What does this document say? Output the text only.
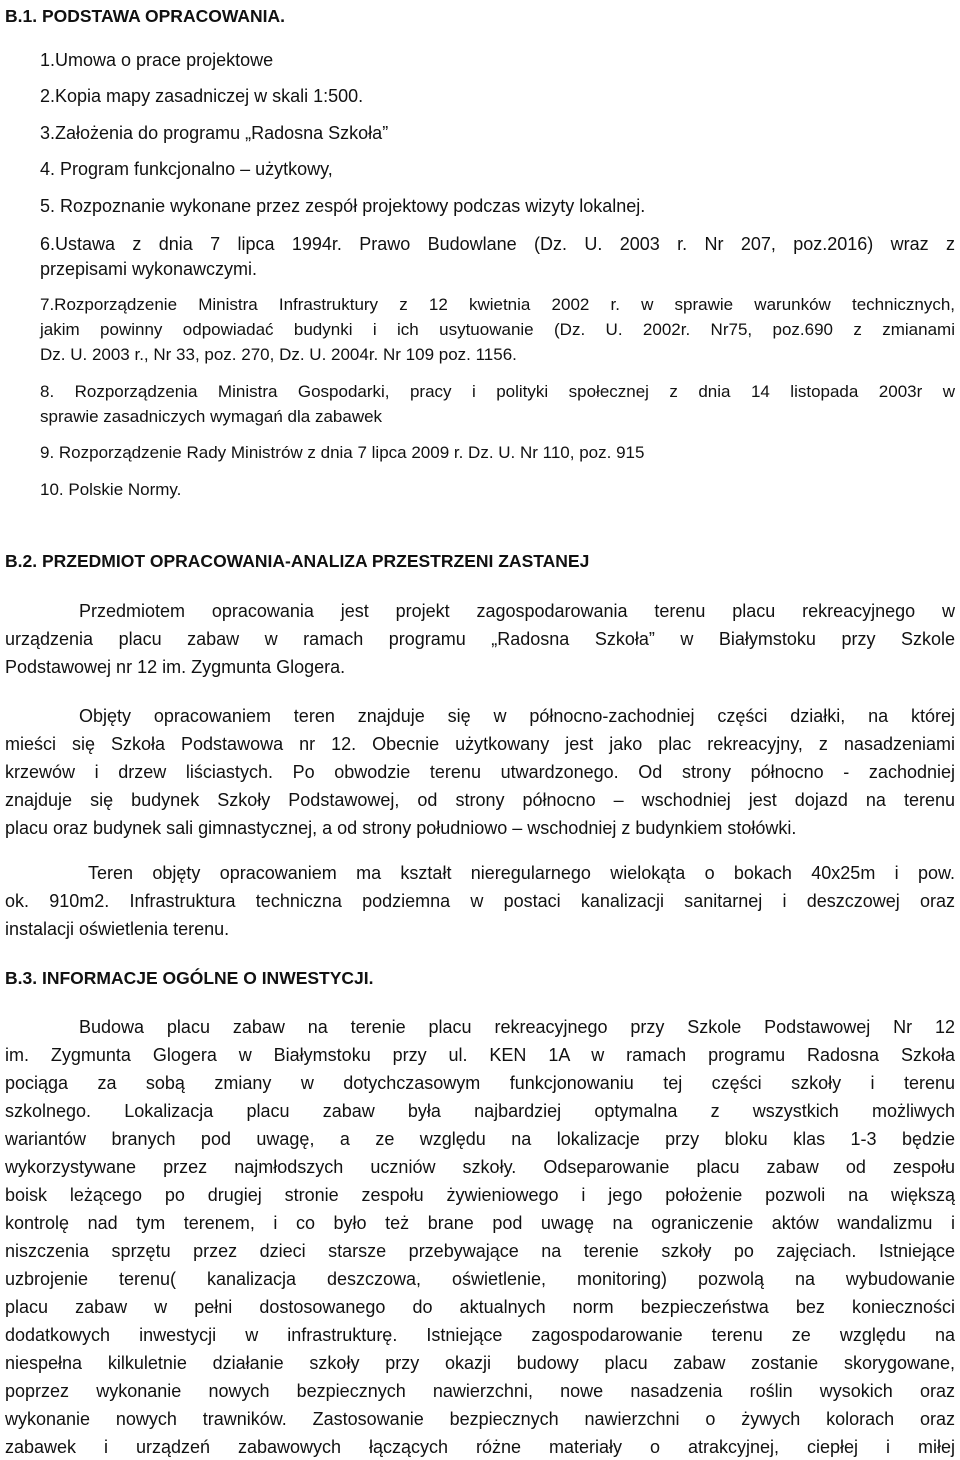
B.1. PODSTAWA OPRACOWANIA.
1.Umowa o prace projektowe
2.Kopia mapy zasadniczej w skali 1:500.
3.Założenia do programu „Radosna Szkoła”
4. Program funkcjonalno – użytkowy,
5. Rozpoznanie wykonane przez zespół projektowy podczas wizyty lokalnej.
6.Ustawa z dnia 7 lipca 1994r. Prawo Budowlane (Dz. U. 2003 r. Nr 207, poz.2016) wraz z
przepisami wykonawczymi.
7.Rozporządzenie Ministra Infrastruktury z 12 kwietnia 2002 r. w sprawie warunków technicznych,
jakim powinny odpowiadać budynki i ich usytuowanie (Dz. U. 2002r. Nr75, poz.690 z zmianami
Dz. U. 2003 r., Nr 33, poz. 270, Dz. U. 2004r. Nr 109 poz. 1156.
8. Rozporządzenia Ministra Gospodarki, pracy i polityki społecznej z dnia 14 listopada 2003r w
sprawie zasadniczych wymagań dla zabawek
9. Rozporządzenie Rady Ministrów z dnia 7 lipca 2009 r. Dz. U. Nr 110, poz. 915
10. Polskie Normy.
B.2. PRZEDMIOT OPRACOWANIA-ANALIZA PRZESTRZENI ZASTANEJ
Przedmiotem opracowania jest projekt zagospodarowania terenu placu rekreacyjnego w
urządzenia placu zabaw w ramach programu „Radosna Szkoła” w Białymstoku przy Szkole
Podstawowej nr 12 im. Zygmunta Glogera.
Objęty opracowaniem teren znajduje się w północno-zachodniej części działki, na której
mieści się Szkoła Podstawowa nr 12. Obecnie użytkowany jest jako plac rekreacyjny, z nasadzeniami
krzewów i drzew liściastych. Po obwodzie terenu utwardzonego. Od strony północno - zachodniej
znajduje się budynek Szkoły Podstawowej, od strony północno – wschodniej jest dojazd na terenu
placu oraz budynek sali gimnastycznej, a od strony południowo – wschodniej z budynkiem stołówki.
Teren objęty opracowaniem ma kształt nieregularnego wielokąta o bokach 40x25m i pow.
ok. 910m2. Infrastruktura techniczna podziemna w postaci kanalizacji sanitarnej i deszczowej oraz
instalacji oświetlenia terenu.
B.3. INFORMACJE OGÓLNE O INWESTYCJI.
Budowa placu zabaw na terenie placu rekreacyjnego przy Szkole Podstawowej Nr 12
im. Zygmunta Glogera w Białymstoku przy ul. KEN 1A w ramach programu Radosna Szkoła
pociąga za sobą zmiany w dotychczasowym funkcjonowaniu tej części szkoły i terenu
szkolnego. Lokalizacja placu zabaw była najbardziej optymalna z wszystkich możliwych
wariantów branych pod uwagę, a ze względu na lokalizacje przy bloku klas 1-3 będzie
wykorzystywane przez najmłodszych uczniów szkoły. Odseparowanie placu zabaw od zespołu
boisk leżącego po drugiej stronie zespołu żywieniowego i jego położenie pozwoli na większą
kontrolę nad tym terenem, i co było też brane pod uwagę na ograniczenie aktów wandalizmu i
niszczenia sprzętu przez dzieci starsze przebywające na terenie szkoły po zajęciach. Istniejące
uzbrojenie terenu( kanalizacja deszczowa, oświetlenie, monitoring) pozwolą na wybudowanie
placu zabaw w pełni dostosowanego do aktualnych norm bezpieczeństwa bez konieczności
dodatkowych inwestycji w infrastrukturę. Istniejące zagospodarowanie terenu ze względu na
niespełna kilkuletnie działanie szkoły przy okazji budowy placu zabaw zostanie skorygowane,
poprzez wykonanie nowych bezpiecznych nawierzchni, nowe nasadzenia roślin wysokich oraz
wykonanie nowych trawników. Zastosowanie bezpiecznych nawierzchni o żywych kolorach oraz
zabawek i urządzeń zabawowych łączących różne materiały o atrakcyjnej, ciepłej i miłej
